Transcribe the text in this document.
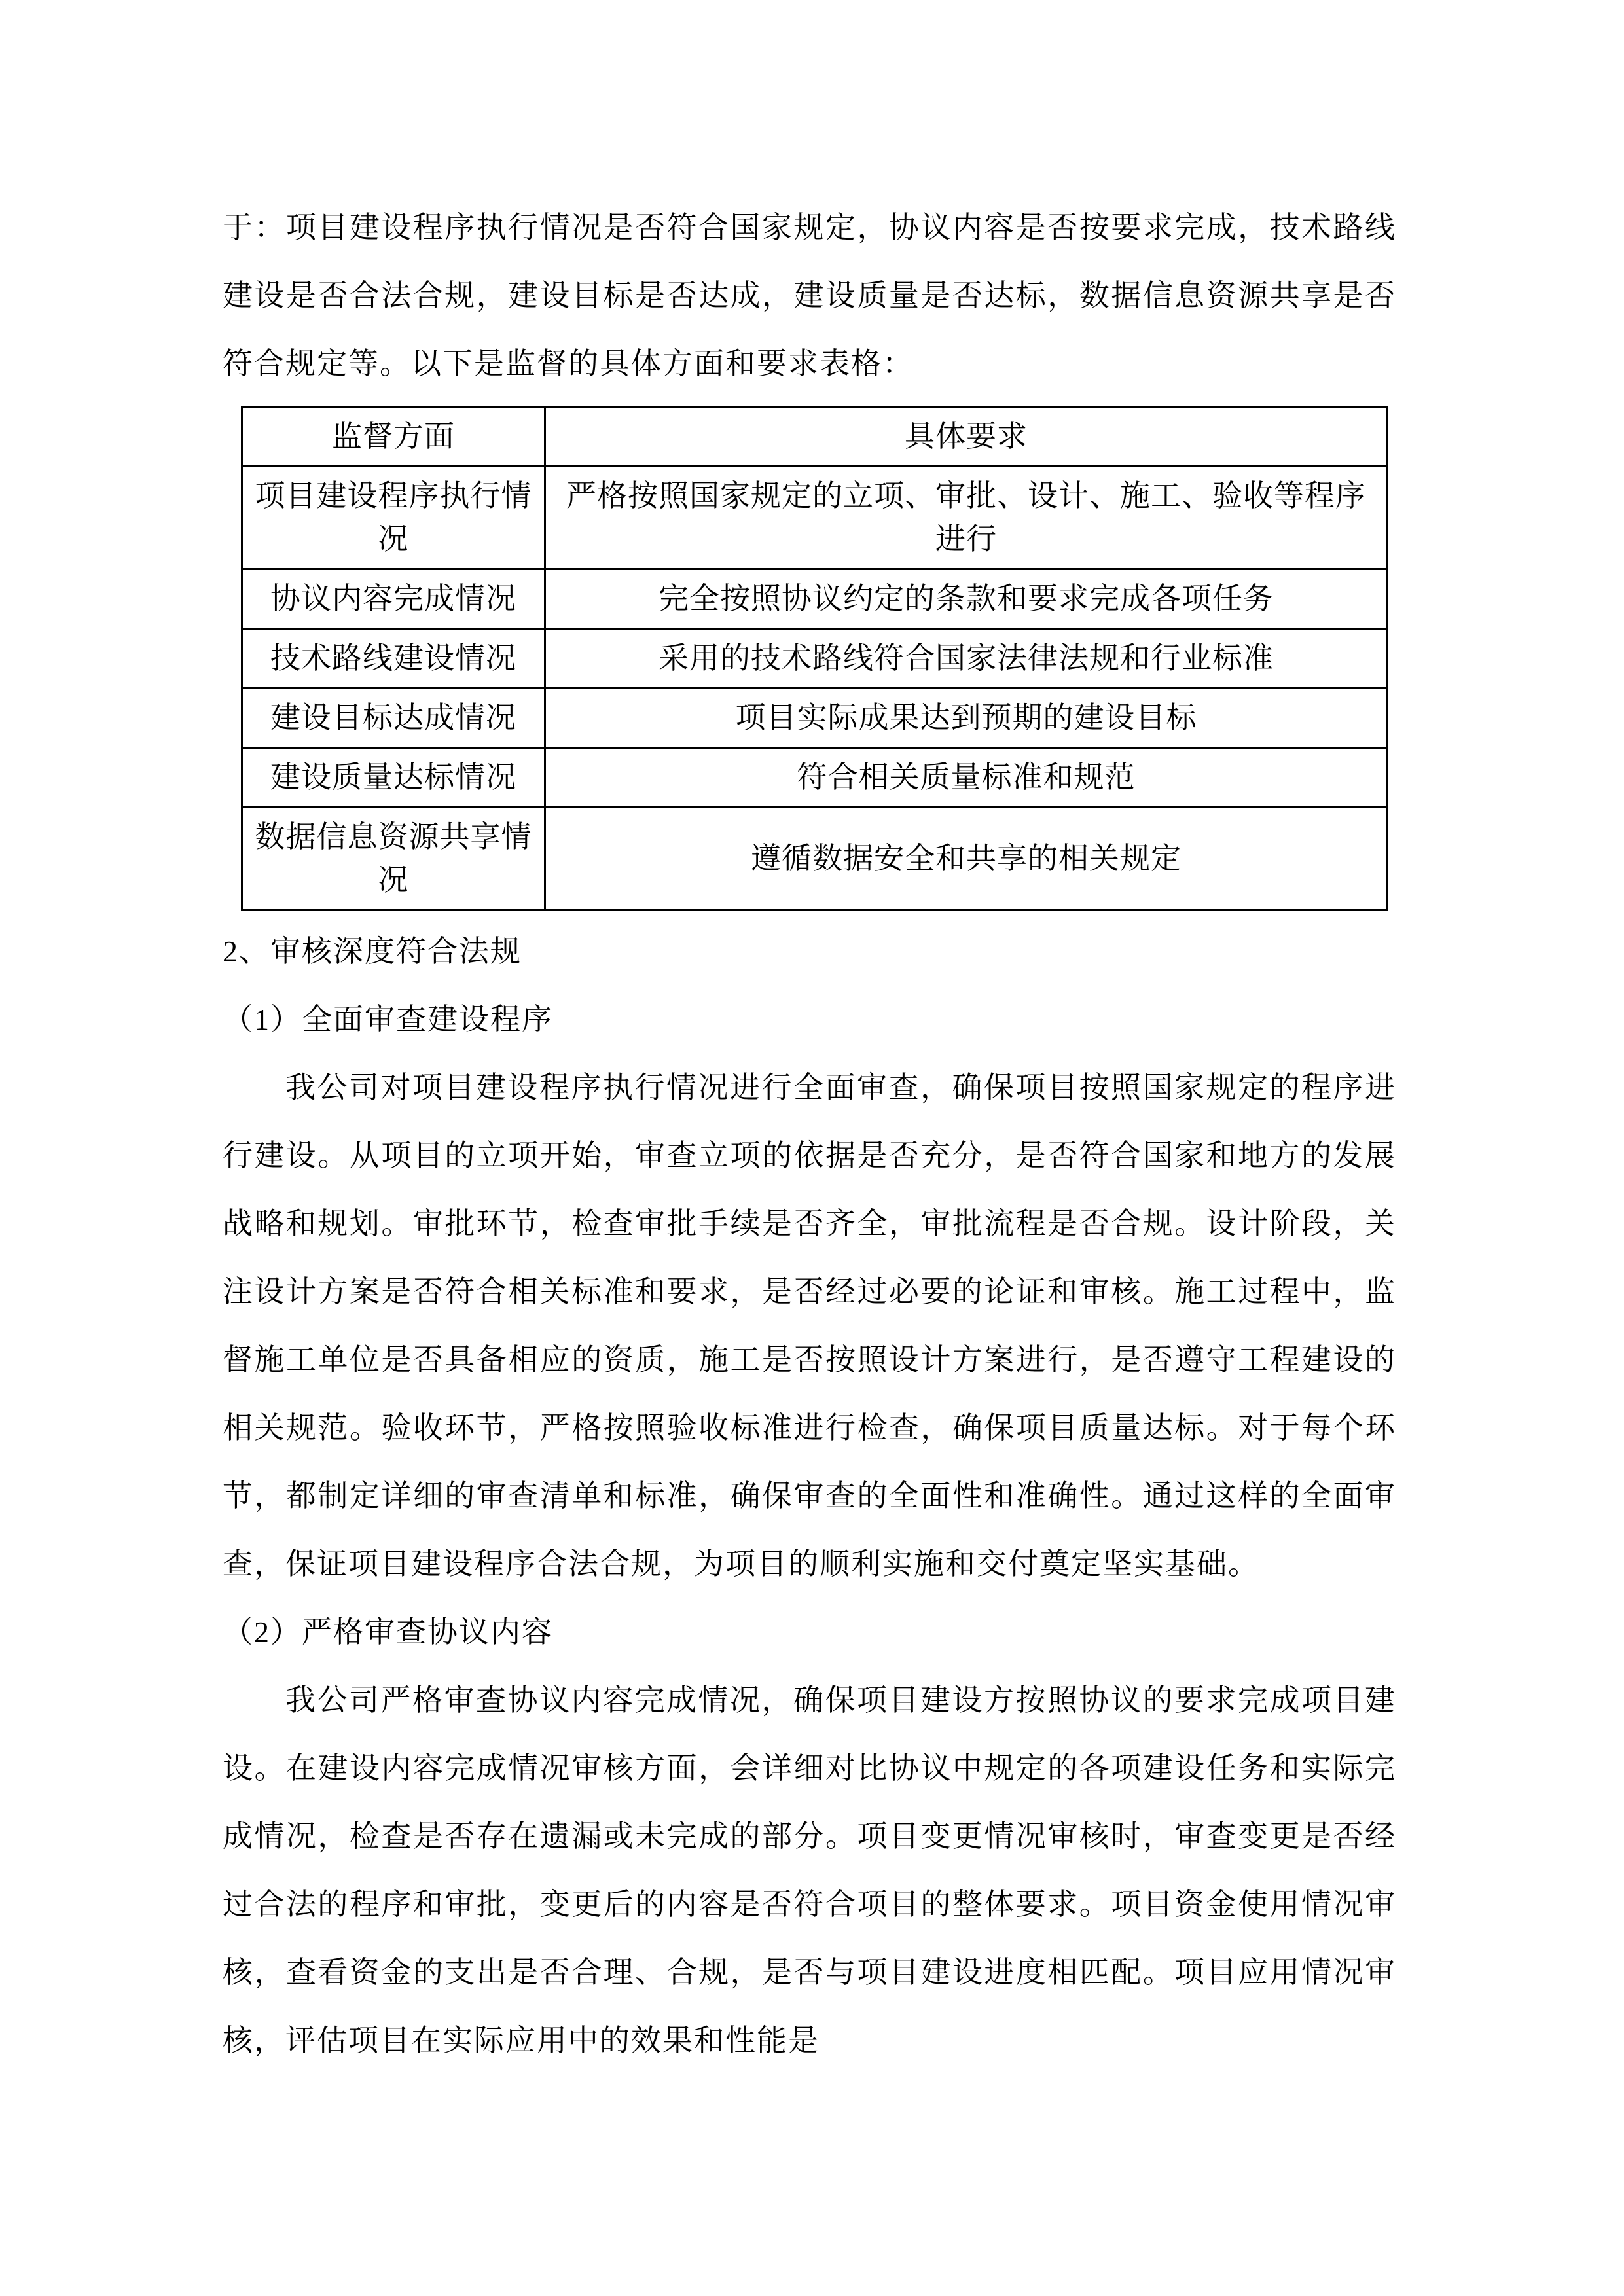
于：项目建设程序执行情况是否符合国家规定，协议内容是否按要求完成，技术路线建设是否合法合规，建设目标是否达成，建设质量是否达标，数据信息资源共享是否符合规定等。以下是监督的具体方面和要求表格：

监督方面	具体要求
项目建设程序执行情况	严格按照国家规定的立项、审批、设计、施工、验收等程序进行
协议内容完成情况	完全按照协议约定的条款和要求完成各项任务
技术路线建设情况	采用的技术路线符合国家法律法规和行业标准
建设目标达成情况	项目实际成果达到预期的建设目标
建设质量达标情况	符合相关质量标准和规范
数据信息资源共享情况	遵循数据安全和共享的相关规定

2、审核深度符合法规

（1）全面审查建设程序

我公司对项目建设程序执行情况进行全面审查，确保项目按照国家规定的程序进行建设。从项目的立项开始，审查立项的依据是否充分，是否符合国家和地方的发展战略和规划。审批环节，检查审批手续是否齐全，审批流程是否合规。设计阶段，关注设计方案是否符合相关标准和要求，是否经过必要的论证和审核。施工过程中，监督施工单位是否具备相应的资质，施工是否按照设计方案进行，是否遵守工程建设的相关规范。验收环节，严格按照验收标准进行检查，确保项目质量达标。对于每个环节，都制定详细的审查清单和标准，确保审查的全面性和准确性。通过这样的全面审查，保证项目建设程序合法合规，为项目的顺利实施和交付奠定坚实基础。

（2）严格审查协议内容

我公司严格审查协议内容完成情况，确保项目建设方按照协议的要求完成项目建设。在建设内容完成情况审核方面，会详细对比协议中规定的各项建设任务和实际完成情况，检查是否存在遗漏或未完成的部分。项目变更情况审核时，审查变更是否经过合法的程序和审批，变更后的内容是否符合项目的整体要求。项目资金使用情况审核，查看资金的支出是否合理、合规，是否与项目建设进度相匹配。项目应用情况审核，评估项目在实际应用中的效果和性能是
